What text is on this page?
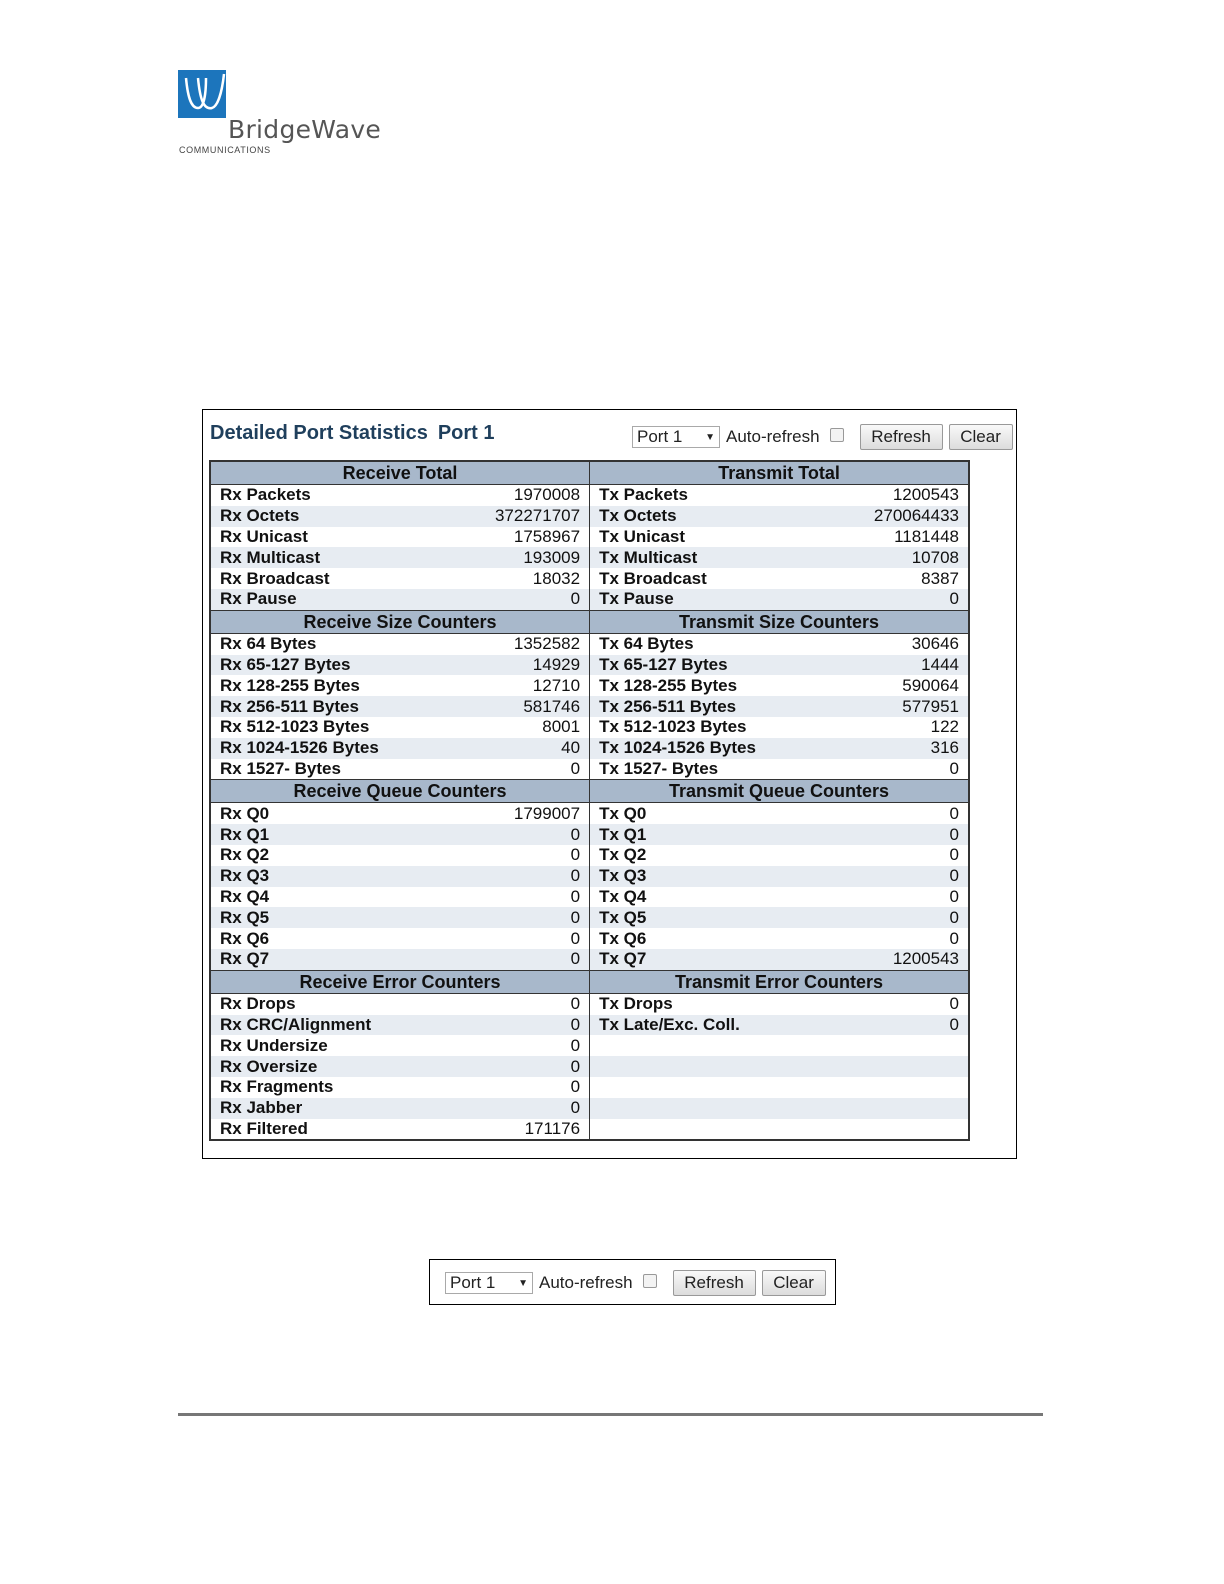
BridgeWave
COMMUNICATIONS
Detailed Port Statistics Port 1	Port 1 ▼ Auto-refresh	Refresh	Clear
Receive Total		Transmit Total	
Rx Packets	1970008	Tx Packets	1200543
Rx Octets	372271707	Tx Octets	270064433
Rx Unicast	1758967	Tx Unicast	1181448
Rx Multicast	193009	Tx Multicast	10708
Rx Broadcast	18032	Tx Broadcast	8387
Rx Pause	0	Tx Pause	0
Receive Size Counters		Transmit Size Counters	
Rx 64 Bytes	1352582	Tx 64 Bytes	30646
Rx 65-127 Bytes	14929	Tx 65-127 Bytes	1444
Rx 128-255 Bytes	12710	Tx 128-255 Bytes	590064
Rx 256-511 Bytes	581746	Tx 256-511 Bytes	577951
Rx 512-1023 Bytes	8001	Tx 512-1023 Bytes	122
Rx 1024-1526 Bytes	40	Tx 1024-1526 Bytes	316
Rx 1527- Bytes	0	Tx 1527- Bytes	0
Receive Queue Counters		Transmit Queue Counters	
Rx Q0	1799007	Tx Q0	0
Rx Q1	0	Tx Q1	0
Rx Q2	0	Tx Q2	0
Rx Q3	0	Tx Q3	0
Rx Q4	0	Tx Q4	0
Rx Q5	0	Tx Q5	0
Rx Q6	0	Tx Q6	0
Rx Q7	0	Tx Q7	1200543
Receive Error Counters		Transmit Error Counters	
Rx Drops	0	Tx Drops	0
Rx CRC/Alignment	0	Tx Late/Exc. Coll.	0
Rx Undersize	0		
Rx Oversize	0		
Rx Fragments	0		
Rx Jabber	0		
Rx Filtered	171176		
Port 1 ▼ Auto-refresh	Refresh	Clear
